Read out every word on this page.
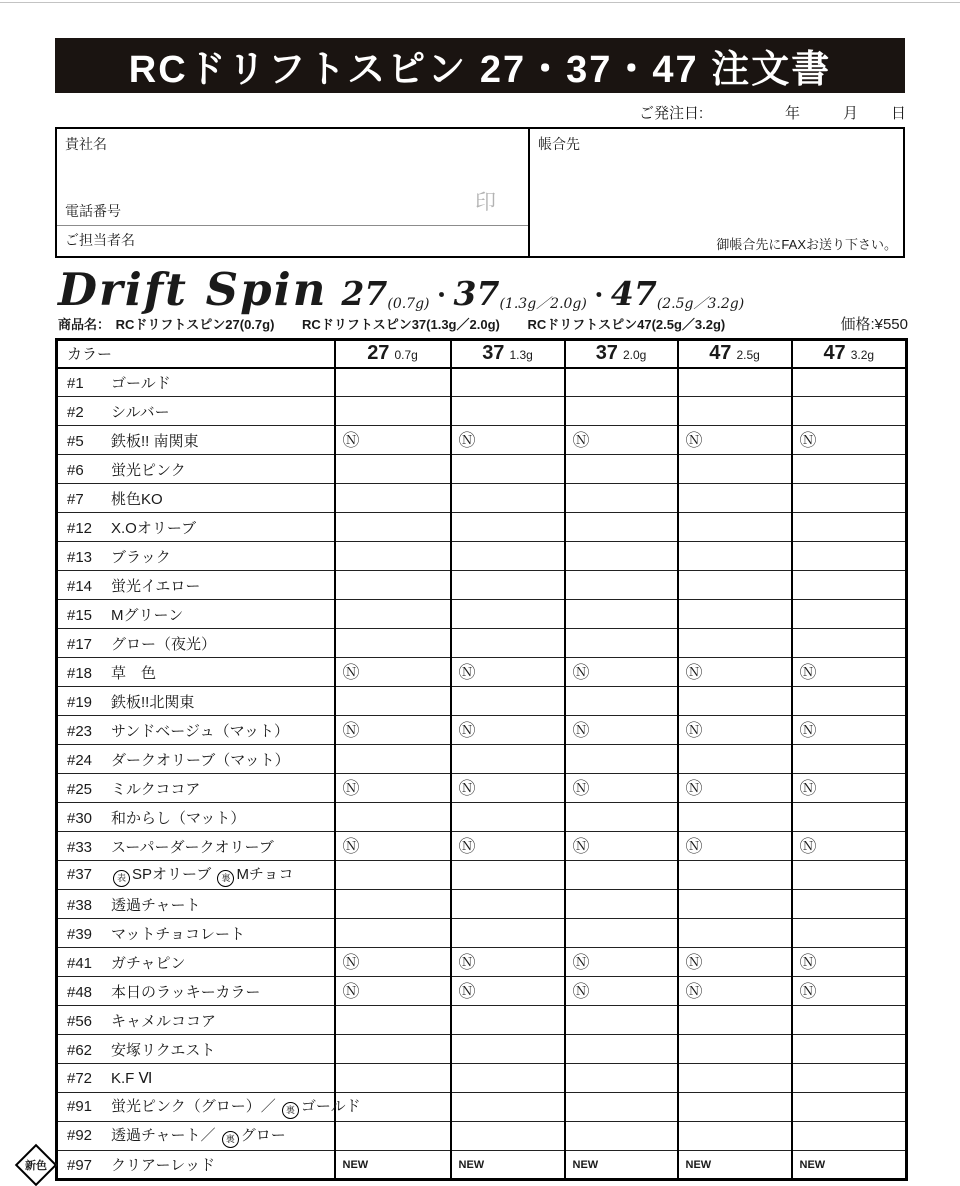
RCドリフトスピン 27・37・47 注文書
ご発注日:	年	月 日
貴社名
電話番号	印
ご担当者名
帳合先
御帳合先にFAXお送り下さい。
Drift Spin 27(0.7g) ・ 37(1.3g／2.0g) ・ 47(2.5g／3.2g)
商品名： RCドリフトスピン27(0.7g) RCドリフトスピン37(1.3g／2.0g) RCドリフトスピン47(2.5g／3.2g)	価格:¥550
カラー	27 0.7g	37 1.3g	37 2.0g	47 2.5g	47 3.2g
#1 ゴールド					
#2 シルバー					
#5 鉄板!! 南関東	Ⓝ	Ⓝ	Ⓝ	Ⓝ	Ⓝ
#6 蛍光ピンク					
#7 桃色KO					
#12 X.Oオリーブ					
#13 ブラック					
#14 蛍光イエロー					
#15 Mグリーン					
#17 グロー（夜光）					
#18 草　色	Ⓝ	Ⓝ	Ⓝ	Ⓝ	Ⓝ
#19 鉄板!!北関東					
#23 サンドベージュ（マット）	Ⓝ	Ⓝ	Ⓝ	Ⓝ	Ⓝ
#24 ダークオリーブ（マット）					
#25 ミルクココア	Ⓝ	Ⓝ	Ⓝ	Ⓝ	Ⓝ
#30 和からし（マット）					
#33 スーパーダークオリーブ	Ⓝ	Ⓝ	Ⓝ	Ⓝ	Ⓝ
#37 表 SPオリーブ 裏 Mチョコ					
#38 透過チャート					
#39 マットチョコレート					
#41 ガチャピン	Ⓝ	Ⓝ	Ⓝ	Ⓝ	Ⓝ
#48 本日のラッキーカラー	Ⓝ	Ⓝ	Ⓝ	Ⓝ	Ⓝ
#56 キャメルココア					
#62 安塚リクエスト					
#72 K.F Ⅵ					
#91 蛍光ピンク（グロー）／ 裏 ゴールド					
#92 透過チャート／ 裏 グロー					

新色 #97 クリアーレッド	NEW	NEW	NEW	NEW	NEW
